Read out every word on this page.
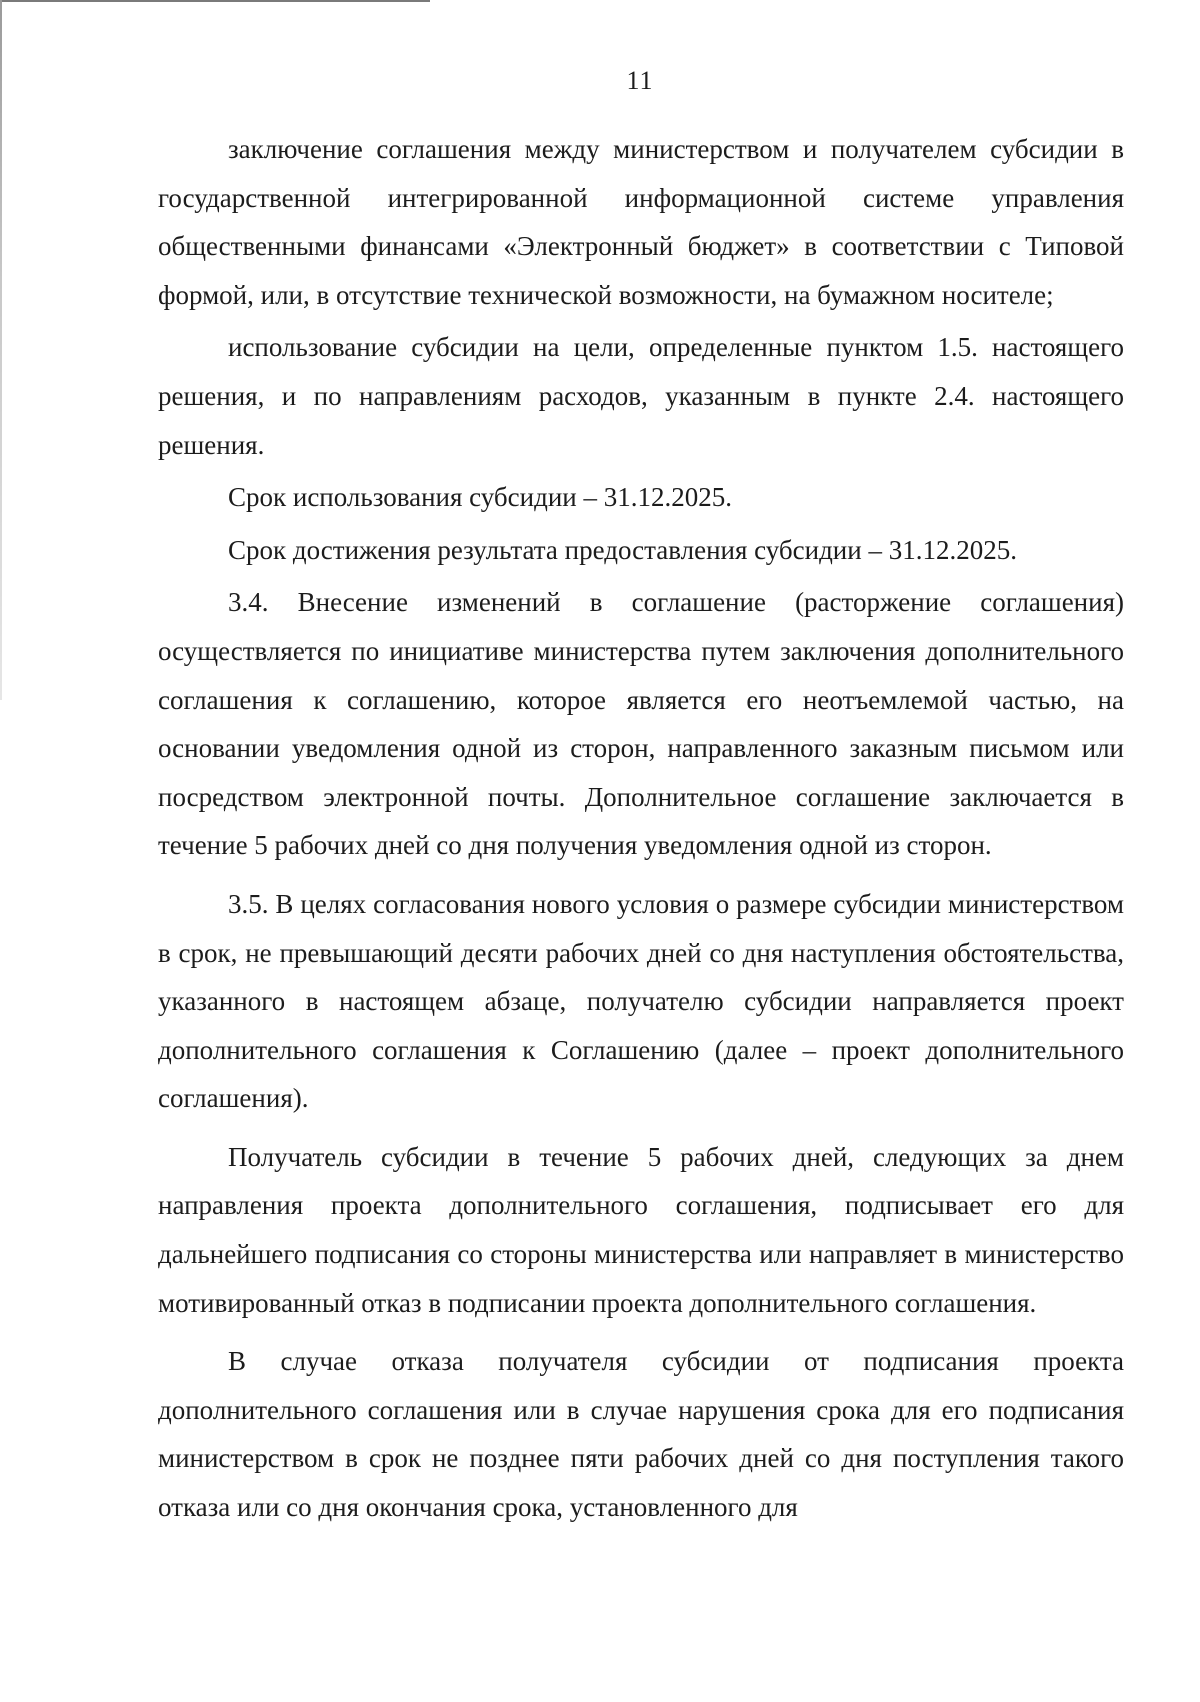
11

заключение соглашения между министерством и получателем субсидии в государственной интегрированной информационной системе управления общественными финансами «Электронный бюджет» в соответствии с Типовой формой, или, в отсутствие технической возможности, на бумажном носителе;

использование субсидии на цели, определенные пунктом 1.5. настоящего решения, и по направлениям расходов, указанным в пункте 2.4. настоящего решения.

Срок использования субсидии – 31.12.2025.

Срок достижения результата предоставления субсидии – 31.12.2025.

3.4. Внесение изменений в соглашение (расторжение соглашения) осуществляется по инициативе министерства путем заключения дополнительного соглашения к соглашению, которое является его неотъемлемой частью, на основании уведомления одной из сторон, направленного заказным письмом или посредством электронной почты. Дополнительное соглашение заключается в течение 5 рабочих дней со дня получения уведомления одной из сторон.

3.5. В целях согласования нового условия о размере субсидии министерством в срок, не превышающий десяти рабочих дней со дня наступления обстоятельства, указанного в настоящем абзаце, получателю субсидии направляется проект дополнительного соглашения к Соглашению (далее – проект дополнительного соглашения).

Получатель субсидии в течение 5 рабочих дней, следующих за днем направления проекта дополнительного соглашения, подписывает его для дальнейшего подписания со стороны министерства или направляет в министерство мотивированный отказ в подписании проекта дополнительного соглашения.

В случае отказа получателя субсидии от подписания проекта дополнительного соглашения или в случае нарушения срока для его подписания министерством в срок не позднее пяти рабочих дней со дня поступления такого отказа или со дня окончания срока, установленного для
